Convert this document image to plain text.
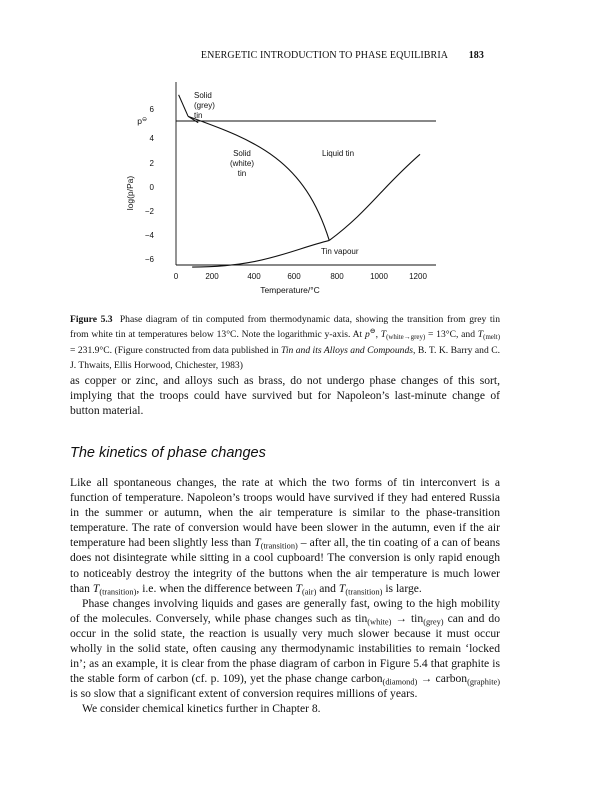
ENERGETIC INTRODUCTION TO PHASE EQUILIBRIA 183
6
4
2
0
−2
−4
−6
p⊖
0	200	400	600	800	1000	1200
Temperature/°C
log(p/Pa)
Solid
(grey)
tin
Solid
(white)
tin
Liquid tin
Tin vapour
Figure 5.3 Phase diagram of tin computed from thermodynamic data, showing the transition from grey tin from white tin at temperatures below 13°C. Note the logarithmic y-axis. At p⊖, $T_{(white\to grey)} = 13^\circ C$, and $T_{(melt)} = 231.9^\circ C$. (Figure constructed from data published in Tin and its Alloys and Compounds, B. T. K. Barry and C. J. Thwaits, Ellis Horwood, Chichester, 1983)

as copper or zinc, and alloys such as brass, do not undergo phase changes of this sort, implying that the troops could have survived but for Napoleon’s last-minute change of button material.

The kinetics of phase changes

Like all spontaneous changes, the rate at which the two forms of tin interconvert is a function of temperature. Napoleon’s troops would have survived if they had entered Russia in the summer or autumn, when the air temperature is similar to the phase-transition temperature. The rate of conversion would have been slower in the autumn, even if the air temperature had been slightly less than $T_{(transition)}$ – after all, the tin coating of a can of beans does not disintegrate while sitting in a cool cupboard! The conversion is only rapid enough to noticeably destroy the integrity of the buttons when the air temperature is much lower than $T_{(transition)}$, i.e. when the difference between $T_{(air)}$ and $T_{(transition)}$ is large.

Phase changes involving liquids and gases are generally fast, owing to the high mobility of the molecules. Conversely, while phase changes such as tin$_{(white)}$ → tin$_{(grey)}$ can and do occur in the solid state, the reaction is usually very much slower because it must occur wholly in the solid state, often causing any thermodynamic instabilities to remain ‘locked in’; as an example, it is clear from the phase diagram of carbon in Figure 5.4 that graphite is the stable form of carbon (cf. p. 109), yet the phase change carbon$_{(diamond)}$ → carbon$_{(graphite)}$ is so slow that a significant extent of conversion requires millions of years.

We consider chemical kinetics further in Chapter 8.
